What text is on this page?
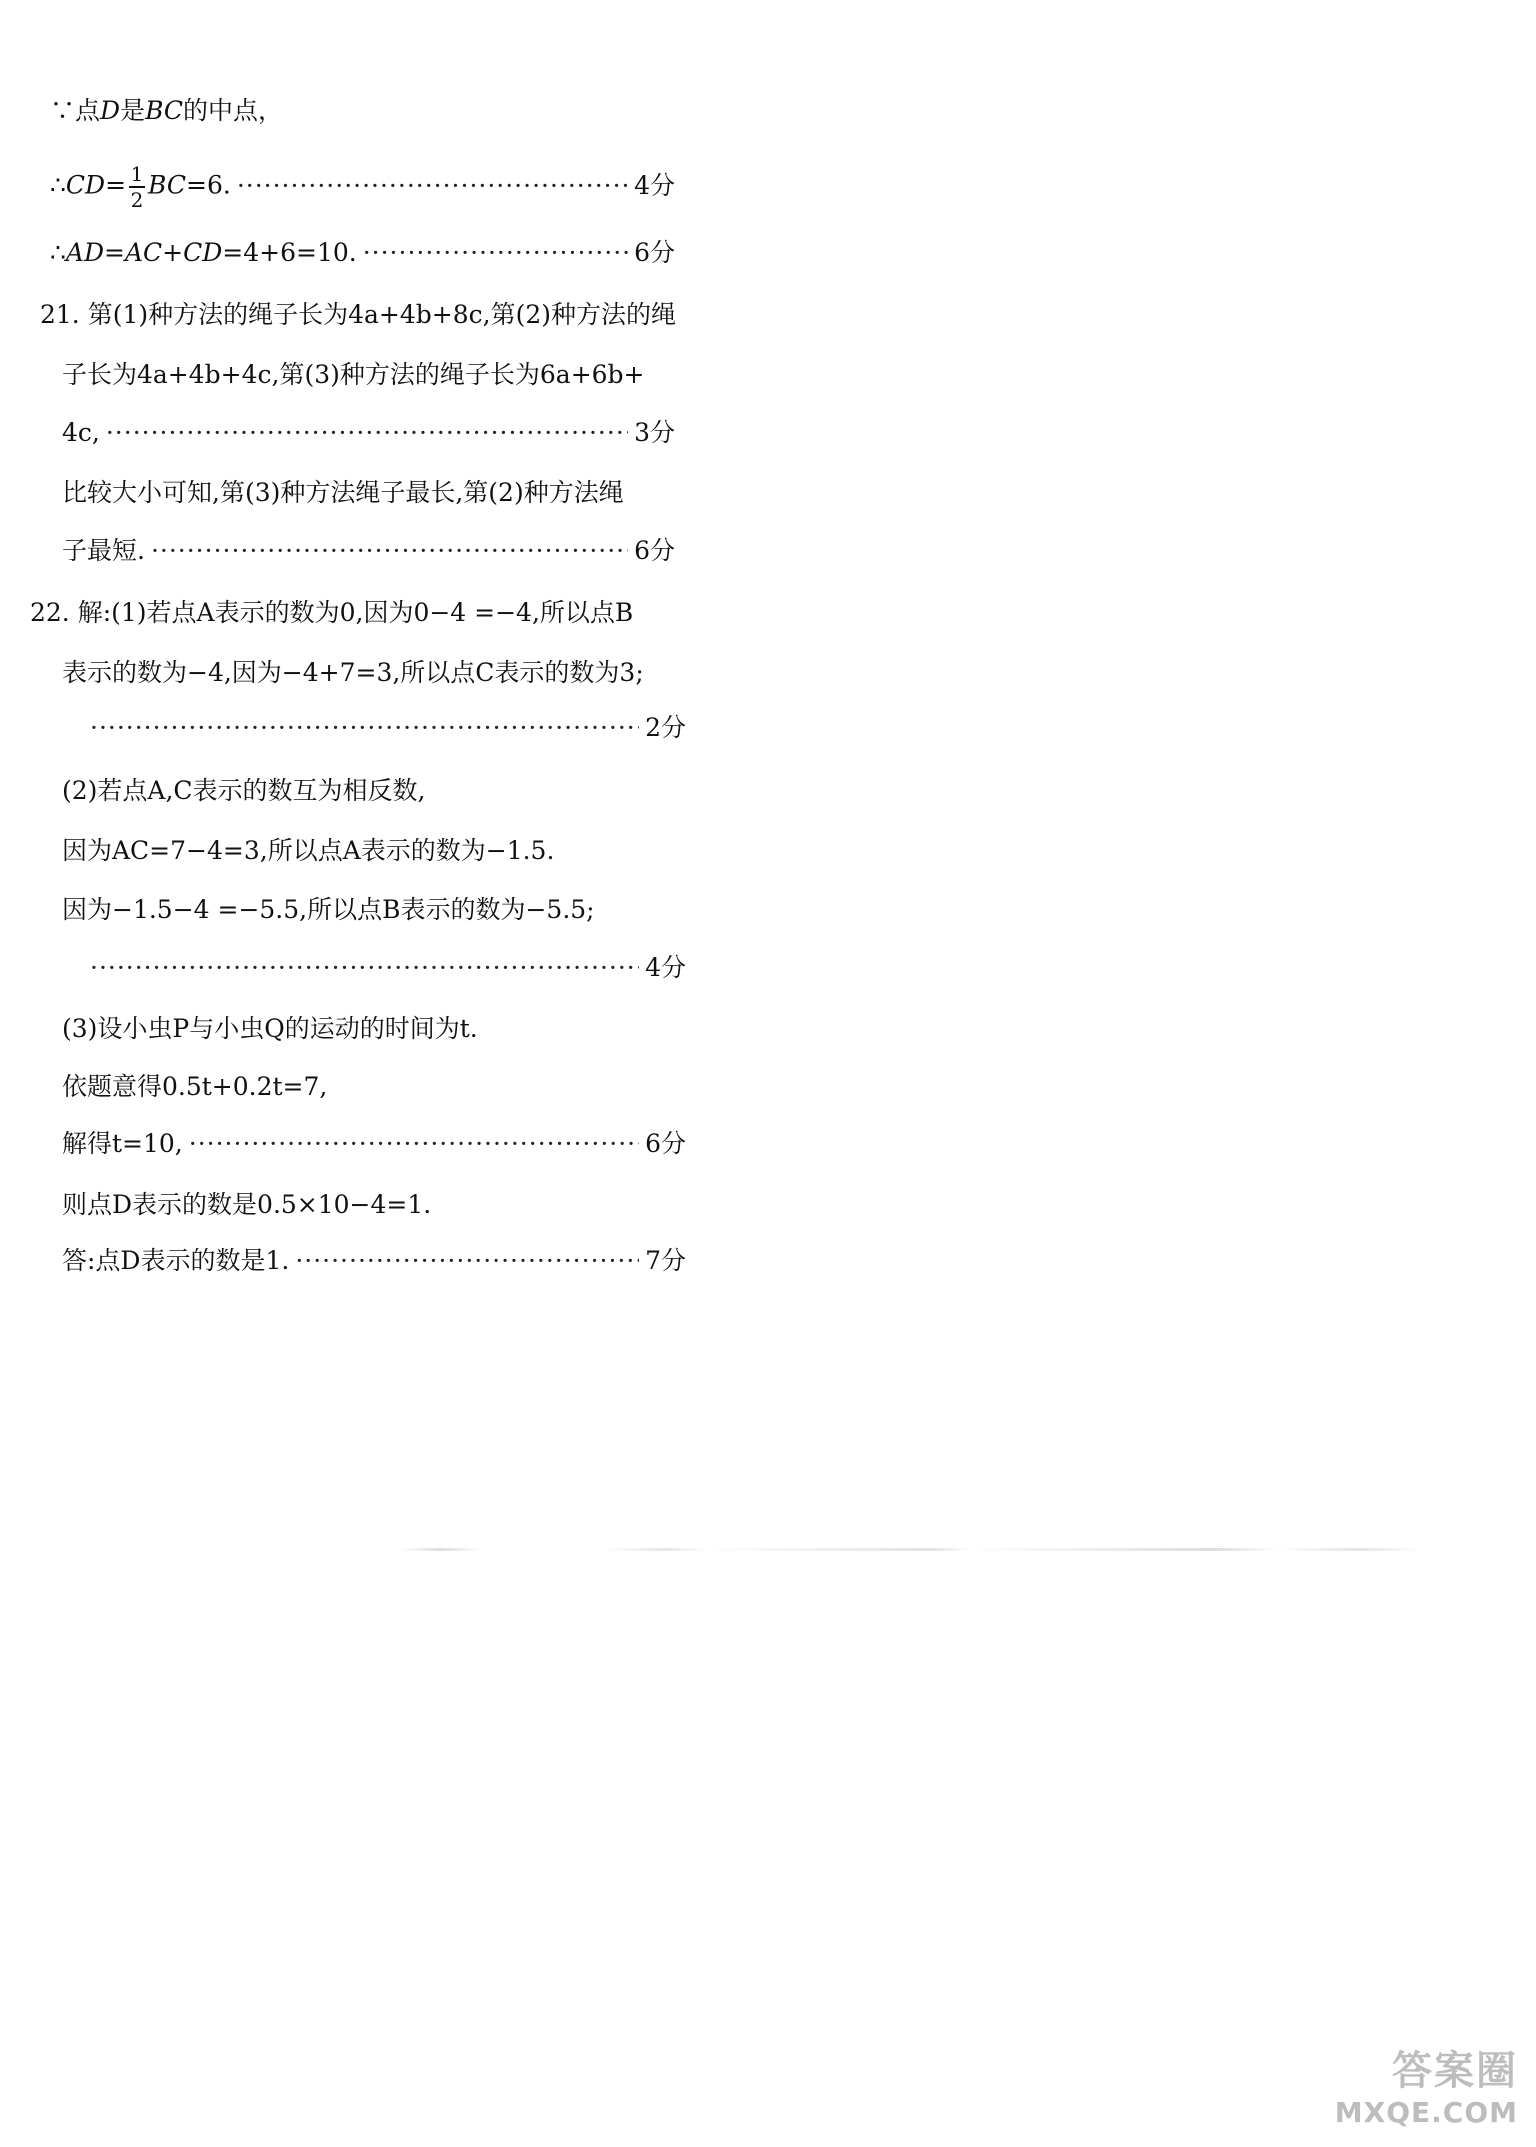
∵点D是BC的中点，
∴CD= $\frac{1}{2} BC=6$. ·····	4分
∴AD=AC+CD=4+6=10. ·····	6分
21. 第(1)种方法的绳子长为4a+4b+8c,第(2)种方法的绳
子长为4a+4b+4c,第(3)种方法的绳子长为6a+6b+
4c, ·····	3分
比较大小可知,第(3)种方法绳子最长,第(2)种方法绳
子最短. ·····	6分
22. 解:(1)若点A表示的数为0,因为0−4 =−4,所以点B
表示的数为−4,因为−4+7=3,所以点C表示的数为3;
·····
2分
(2)若点A,C表示的数互为相反数,
因为AC=7−4=3,所以点A表示的数为−1.5.
因为−1.5−4 =−5.5,所以点B表示的数为−5.5;
·····
4分
(3)设小虫P与小虫Q的运动的时间为t.
依题意得0.5t+0.2t=7,
解得t=10, ·····	6分
则点D表示的数是0.5×10−4=1.
答:点D表示的数是1. ·····	7分
答案圈
MXQE.COM
